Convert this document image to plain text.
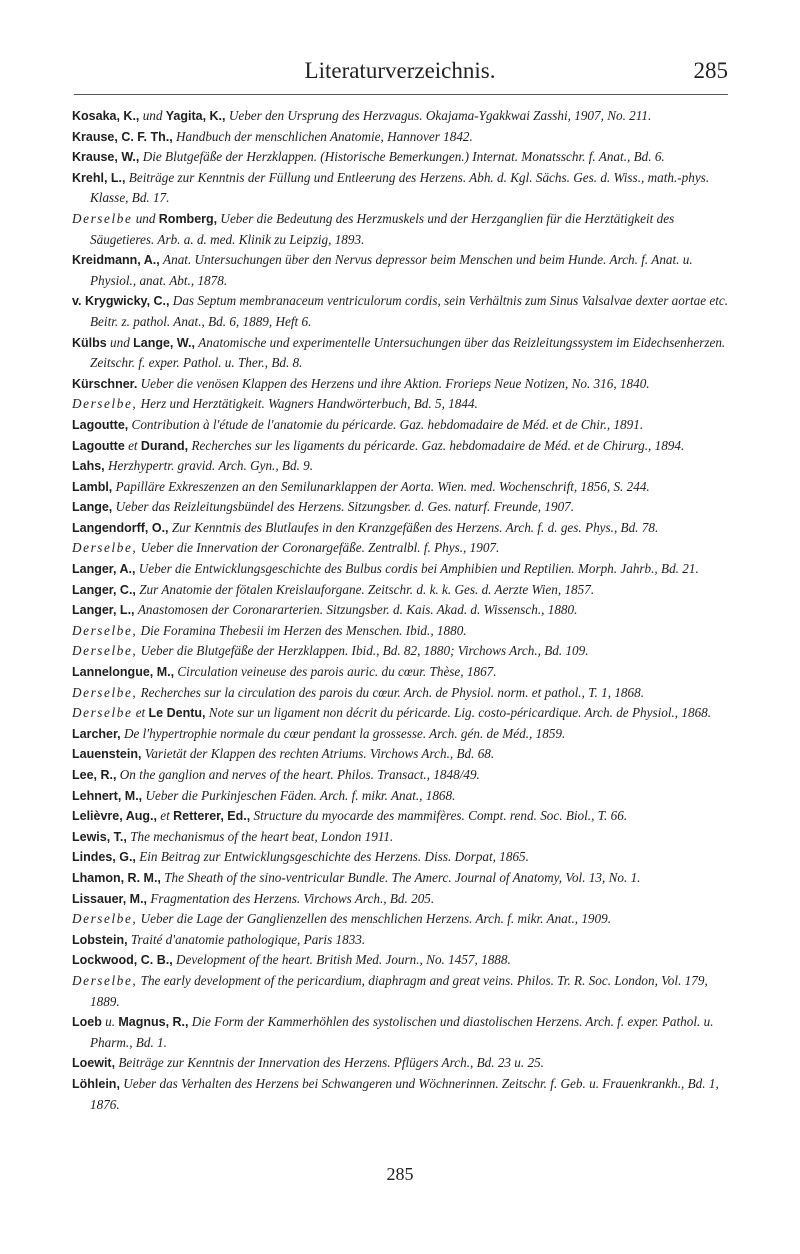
Literaturverzeichnis.	285

Kosaka, K., und Yagita, K., Ueber den Ursprung des Herzvagus. Okajama-Ygakkwai Zasshi, 1907, No. 211.

Krause, C. F. Th., Handbuch der menschlichen Anatomie, Hannover 1842.

Krause, W., Die Blutgefäße der Herzklappen. (Historische Bemerkungen.) Internat. Monatsschr. f. Anat., Bd. 6.

Krehl, L., Beiträge zur Kenntnis der Füllung und Entleerung des Herzens. Abh. d. Kgl. Sächs. Ges. d. Wiss., math.-phys. Klasse, Bd. 17.

Derselbe und Romberg, Ueber die Bedeutung des Herzmuskels und der Herzganglien für die Herztätigkeit des Säugetieres. Arb. a. d. med. Klinik zu Leipzig, 1893.

Kreidmann, A., Anat. Untersuchungen über den Nervus depressor beim Menschen und beim Hunde. Arch. f. Anat. u. Physiol., anat. Abt., 1878.

v. Krygwicky, C., Das Septum membranaceum ventriculorum cordis, sein Verhältnis zum Sinus Valsalvae dexter aortae etc. Beitr. z. pathol. Anat., Bd. 6, 1889, Heft 6.

Külbs und Lange, W., Anatomische und experimentelle Untersuchungen über das Reizleitungssystem im Eidechsenherzen. Zeitschr. f. exper. Pathol. u. Ther., Bd. 8.

Kürschner. Ueber die venösen Klappen des Herzens und ihre Aktion. Frorieps Neue Notizen, No. 316, 1840.

Derselbe, Herz und Herztätigkeit. Wagners Handwörterbuch, Bd. 5, 1844.

Lagoutte, Contribution à l'étude de l'anatomie du péricarde. Gaz. hebdomadaire de Méd. et de Chir., 1891.

Lagoutte et Durand, Recherches sur les ligaments du péricarde. Gaz. hebdomadaire de Méd. et de Chirurg., 1894.

Lahs, Herzhypertr. gravid. Arch. Gyn., Bd. 9.

Lambl, Papilläre Exkreszenzen an den Semilunarklappen der Aorta. Wien. med. Wochenschrift, 1856, S. 244.

Lange, Ueber das Reizleitungsbündel des Herzens. Sitzungsber. d. Ges. naturf. Freunde, 1907.

Langendorff, O., Zur Kenntnis des Blutlaufes in den Kranzgefäßen des Herzens. Arch. f. d. ges. Phys., Bd. 78.

Derselbe, Ueber die Innervation der Coronargefäße. Zentralbl. f. Phys., 1907.

Langer, A., Ueber die Entwicklungsgeschichte des Bulbus cordis bei Amphibien und Reptilien. Morph. Jahrb., Bd. 21.

Langer, C., Zur Anatomie der fötalen Kreislauforgane. Zeitschr. d. k. k. Ges. d. Aerzte Wien, 1857.

Langer, L., Anastomosen der Coronararterien. Sitzungsber. d. Kais. Akad. d. Wissensch., 1880.

Derselbe, Die Foramina Thebesii im Herzen des Menschen. Ibid., 1880.

Derselbe, Ueber die Blutgefäße der Herzklappen. Ibid., Bd. 82, 1880; Virchows Arch., Bd. 109.

Lannelongue, M., Circulation veineuse des parois auric. du cœur. Thèse, 1867.

Derselbe, Recherches sur la circulation des parois du cœur. Arch. de Physiol. norm. et pathol., T. 1, 1868.

Derselbe et Le Dentu, Note sur un ligament non décrit du péricarde. Lig. costo-péricardique. Arch. de Physiol., 1868.

Larcher, De l'hypertrophie normale du cœur pendant la grossesse. Arch. gén. de Méd., 1859.

Lauenstein, Varietät der Klappen des rechten Atriums. Virchows Arch., Bd. 68.

Lee, R., On the ganglion and nerves of the heart. Philos. Transact., 1848/49.

Lehnert, M., Ueber die Purkinjeschen Fäden. Arch. f. mikr. Anat., 1868.

Lelièvre, Aug., et Retterer, Ed., Structure du myocarde des mammifères. Compt. rend. Soc. Biol., T. 66.

Lewis, T., The mechanismus of the heart beat, London 1911.

Lindes, G., Ein Beitrag zur Entwicklungsgeschichte des Herzens. Diss. Dorpat, 1865.

Lhamon, R. M., The Sheath of the sino-ventricular Bundle. The Amerc. Journal of Anatomy, Vol. 13, No. 1.

Lissauer, M., Fragmentation des Herzens. Virchows Arch., Bd. 205.

Derselbe, Ueber die Lage der Ganglienzellen des menschlichen Herzens. Arch. f. mikr. Anat., 1909.

Lobstein, Traité d'anatomie pathologique, Paris 1833.

Lockwood, C. B., Development of the heart. British Med. Journ., No. 1457, 1888.

Derselbe, The early development of the pericardium, diaphragm and great veins. Philos. Tr. R. Soc. London, Vol. 179, 1889.

Loeb u. Magnus, R., Die Form der Kammerhöhlen des systolischen und diastolischen Herzens. Arch. f. exper. Pathol. u. Pharm., Bd. 1.

Loewit, Beiträge zur Kenntnis der Innervation des Herzens. Pflügers Arch., Bd. 23 u. 25.

Löhlein, Ueber das Verhalten des Herzens bei Schwangeren und Wöchnerinnen. Zeitschr. f. Geb. u. Frauenkrankh., Bd. 1, 1876.

285
